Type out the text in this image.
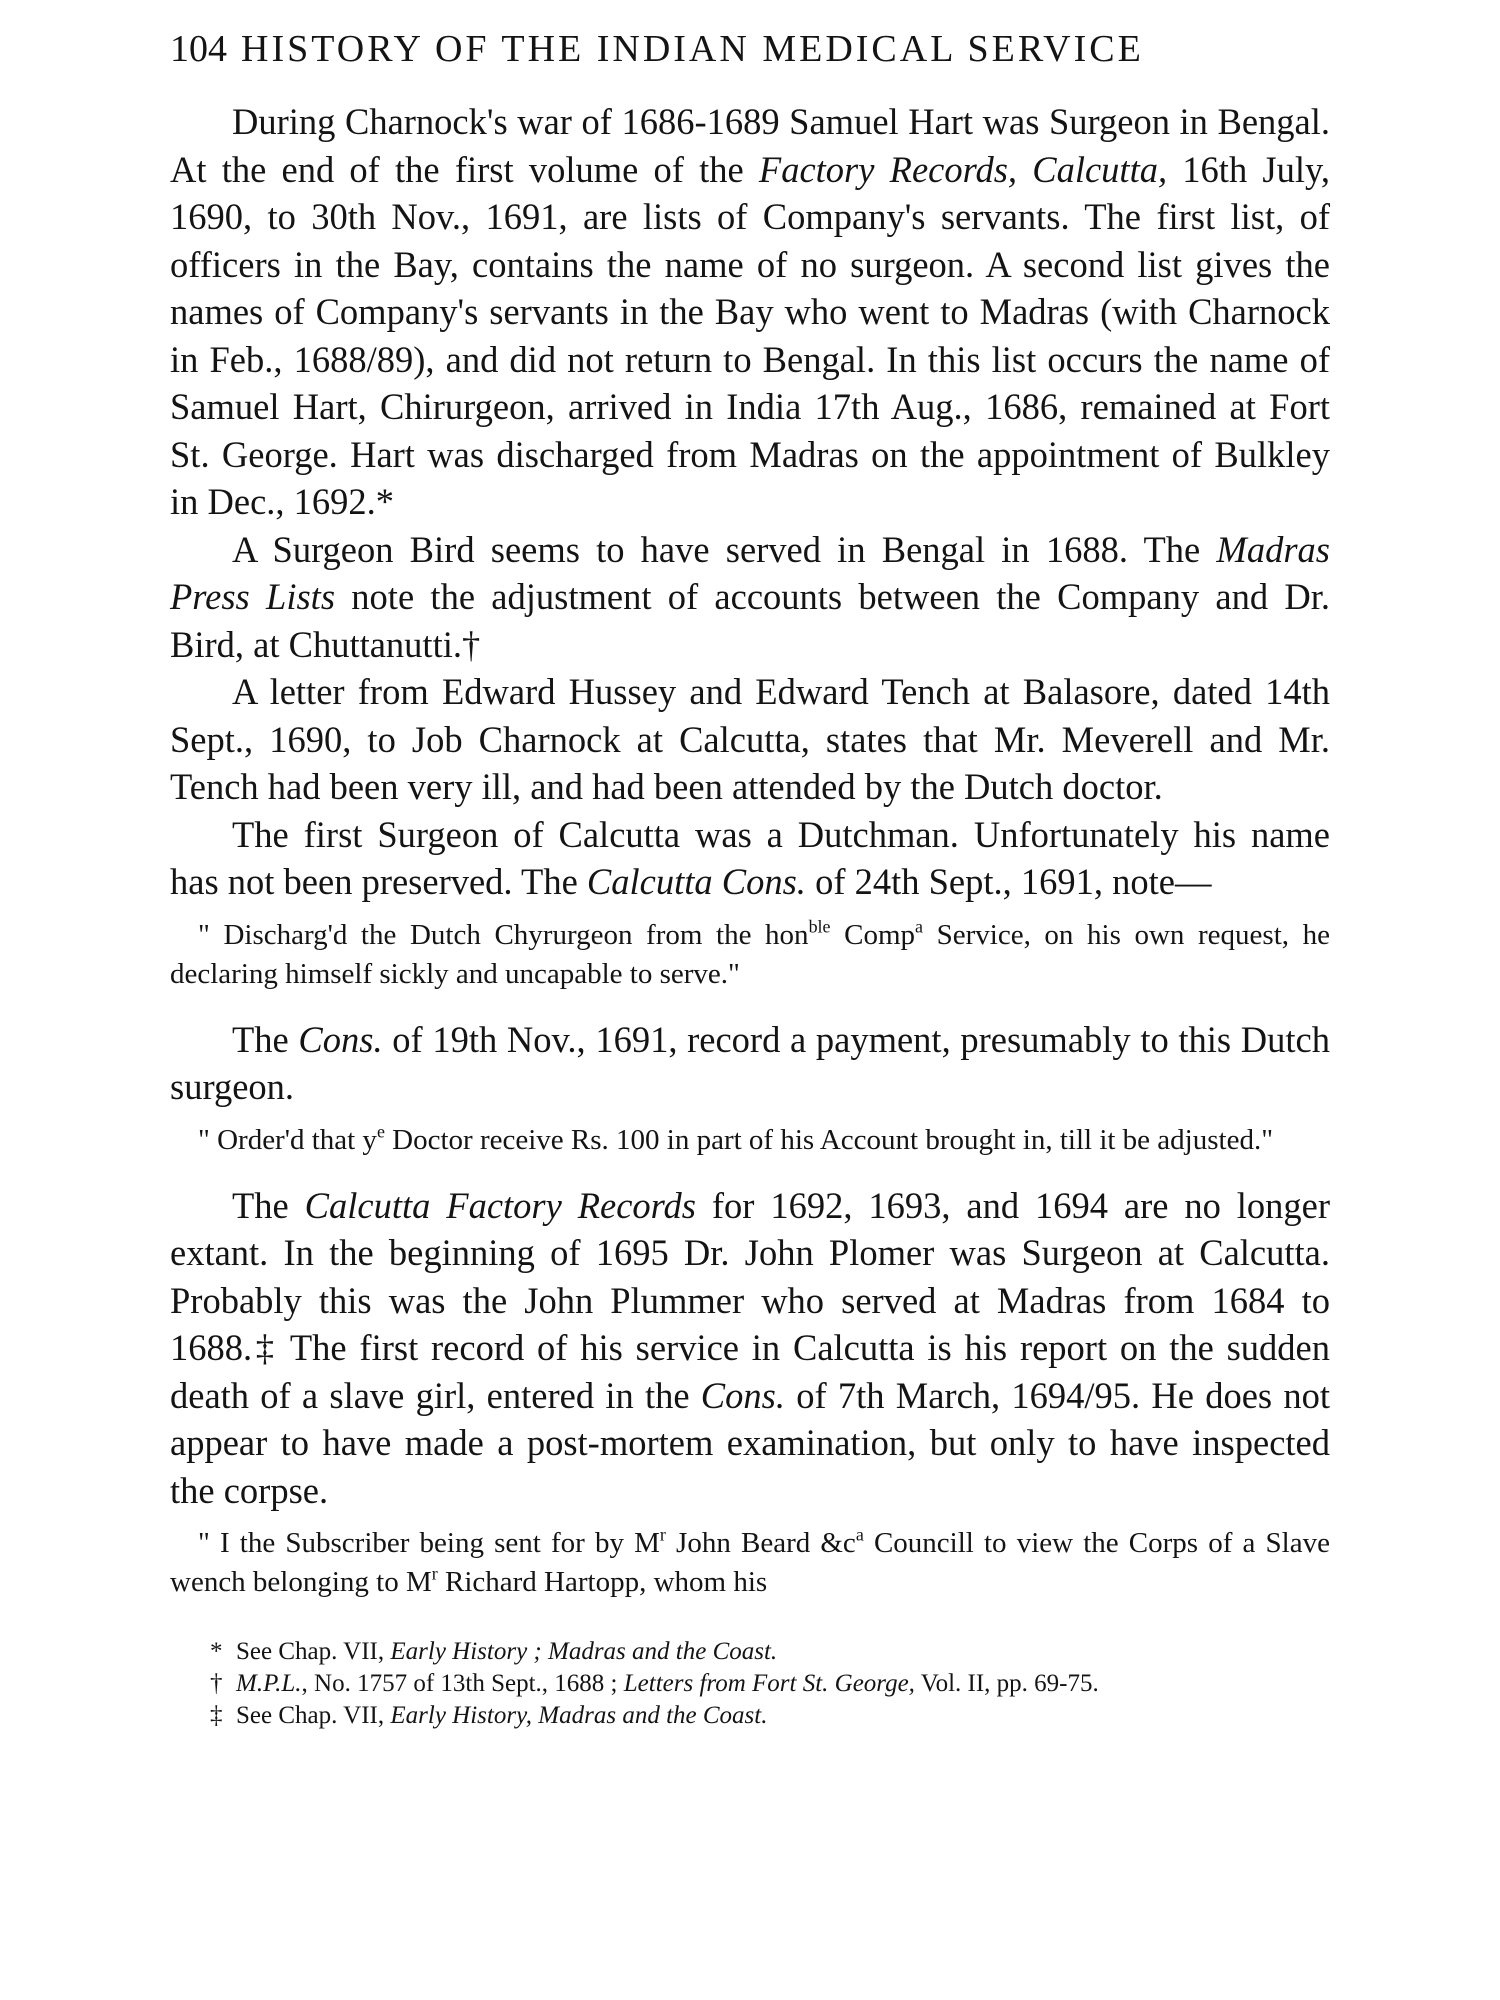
104 HISTORY OF THE INDIAN MEDICAL SERVICE

During Charnock's war of 1686-1689 Samuel Hart was Surgeon in Bengal. At the end of the first volume of the Factory Records, Calcutta, 16th July, 1690, to 30th Nov., 1691, are lists of Company's servants. The first list, of officers in the Bay, contains the name of no surgeon. A second list gives the names of Company's servants in the Bay who went to Madras (with Charnock in Feb., 1688/89), and did not return to Bengal. In this list occurs the name of Samuel Hart, Chirurgeon, arrived in India 17th Aug., 1686, remained at Fort St. George. Hart was discharged from Madras on the appointment of Bulkley in Dec., 1692.*

A Surgeon Bird seems to have served in Bengal in 1688. The Madras Press Lists note the adjustment of accounts between the Company and Dr. Bird, at Chuttanutti.†

A letter from Edward Hussey and Edward Tench at Balasore, dated 14th Sept., 1690, to Job Charnock at Calcutta, states that Mr. Meverell and Mr. Tench had been very ill, and had been attended by the Dutch doctor.

The first Surgeon of Calcutta was a Dutchman. Unfortunately his name has not been preserved. The Calcutta Cons. of 24th Sept., 1691, note—

" Discharg'd the Dutch Chyrurgeon from the hon$^{ble}$ Comp$^a$ Service, on his own request, he declaring himself sickly and uncapable to serve."

The Cons. of 19th Nov., 1691, record a payment, presumably to this Dutch surgeon.

" Order'd that $y^e$ Doctor receive Rs. 100 in part of his Account brought in, till it be adjusted."

The Calcutta Factory Records for 1692, 1693, and 1694 are no longer extant. In the beginning of 1695 Dr. John Plomer was Surgeon at Calcutta. Probably this was the John Plummer who served at Madras from 1684 to 1688.‡ The first record of his service in Calcutta is his report on the sudden death of a slave girl, entered in the Cons. of 7th March, 1694/95. He does not appear to have made a post-mortem examination, but only to have inspected the corpse.

" I the Subscriber being sent for by $M^r$ John Beard $\&c^a$ Councill to view the Corps of a Slave wench belonging to $M^r$ Richard Hartopp, whom his

* See Chap. VII, Early History ; Madras and the Coast.

† M.P.L., No. 1757 of 13th Sept., 1688 ; Letters from Fort St. George, Vol. II, pp. 69-75.

‡ See Chap. VII, Early History, Madras and the Coast.
